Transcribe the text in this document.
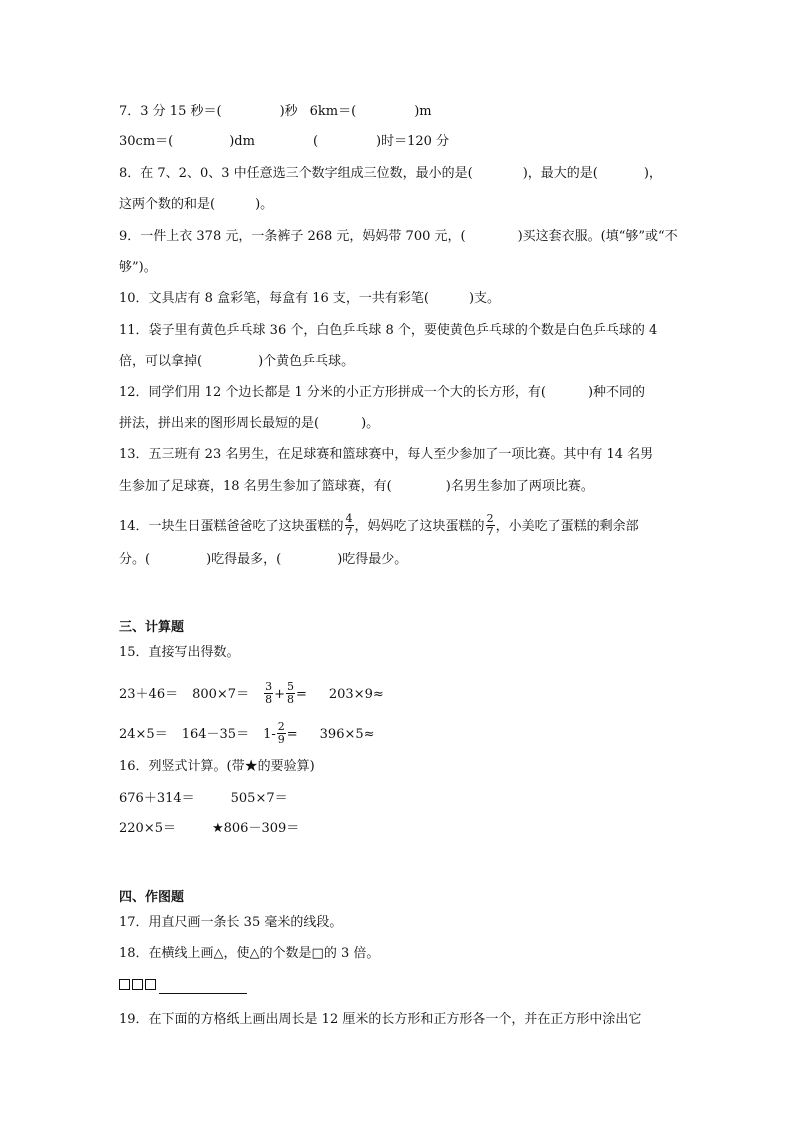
7．3 分 15 秒＝(	)秒 6km＝(	)m
30cm＝(	)dm	(	)时＝120 分
8．在 7、2、0、3 中任意选三个数字组成三位数，最小的是(	)，最大的是(	)，
这两个数的和是(	)。
9．一件上衣 378 元，一条裤子 268 元，妈妈带 700 元，(	)买这套衣服。(填“够”或“不
够”)。
10．文具店有 8 盒彩笔，每盒有 16 支，一共有彩笔(	)支。
11．袋子里有黄色乒乓球 36 个，白色乒乓球 8 个，要使黄色乒乓球的个数是白色乒乓球的 4
倍，可以拿掉(	)个黄色乒乓球。
12．同学们用 12 个边长都是 1 分米的小正方形拼成一个大的长方形，有(	)种不同的
拼法，拼出来的图形周长最短的是(	)。
13．五三班有 23 名男生，在足球赛和篮球赛中，每人至少参加了一项比赛。其中有 14 名男
生参加了足球赛，18 名男生参加了篮球赛，有(	)名男生参加了两项比赛。
14．一块生日蛋糕爸爸吃了这块蛋糕的 $\frac{4}{7}$ ，妈妈吃了这块蛋糕的 $\frac{2}{7}$ ，小美吃了蛋糕的剩余部
分。(	)吃得最多，(	)吃得最少。
三、计算题
15．直接写出得数。
$23+46= 800\times 7= \frac{3}{8} + \frac{5}{8} = 203\times 9\approx$
$24\times 5= 164-35= 1- \frac{2}{9} = 396\times 5\approx$
16．列竖式计算。(带★的要验算)
676＋314＝	505×7＝
220×5＝	★806－309＝
四、作图题
17．用直尺画一条长 35 毫米的线段。
18．在横线上画△，使△的个数是□的 3 倍。
19．在下面的方格纸上画出周长是 12 厘米的长方形和正方形各一个，并在正方形中涂出它
